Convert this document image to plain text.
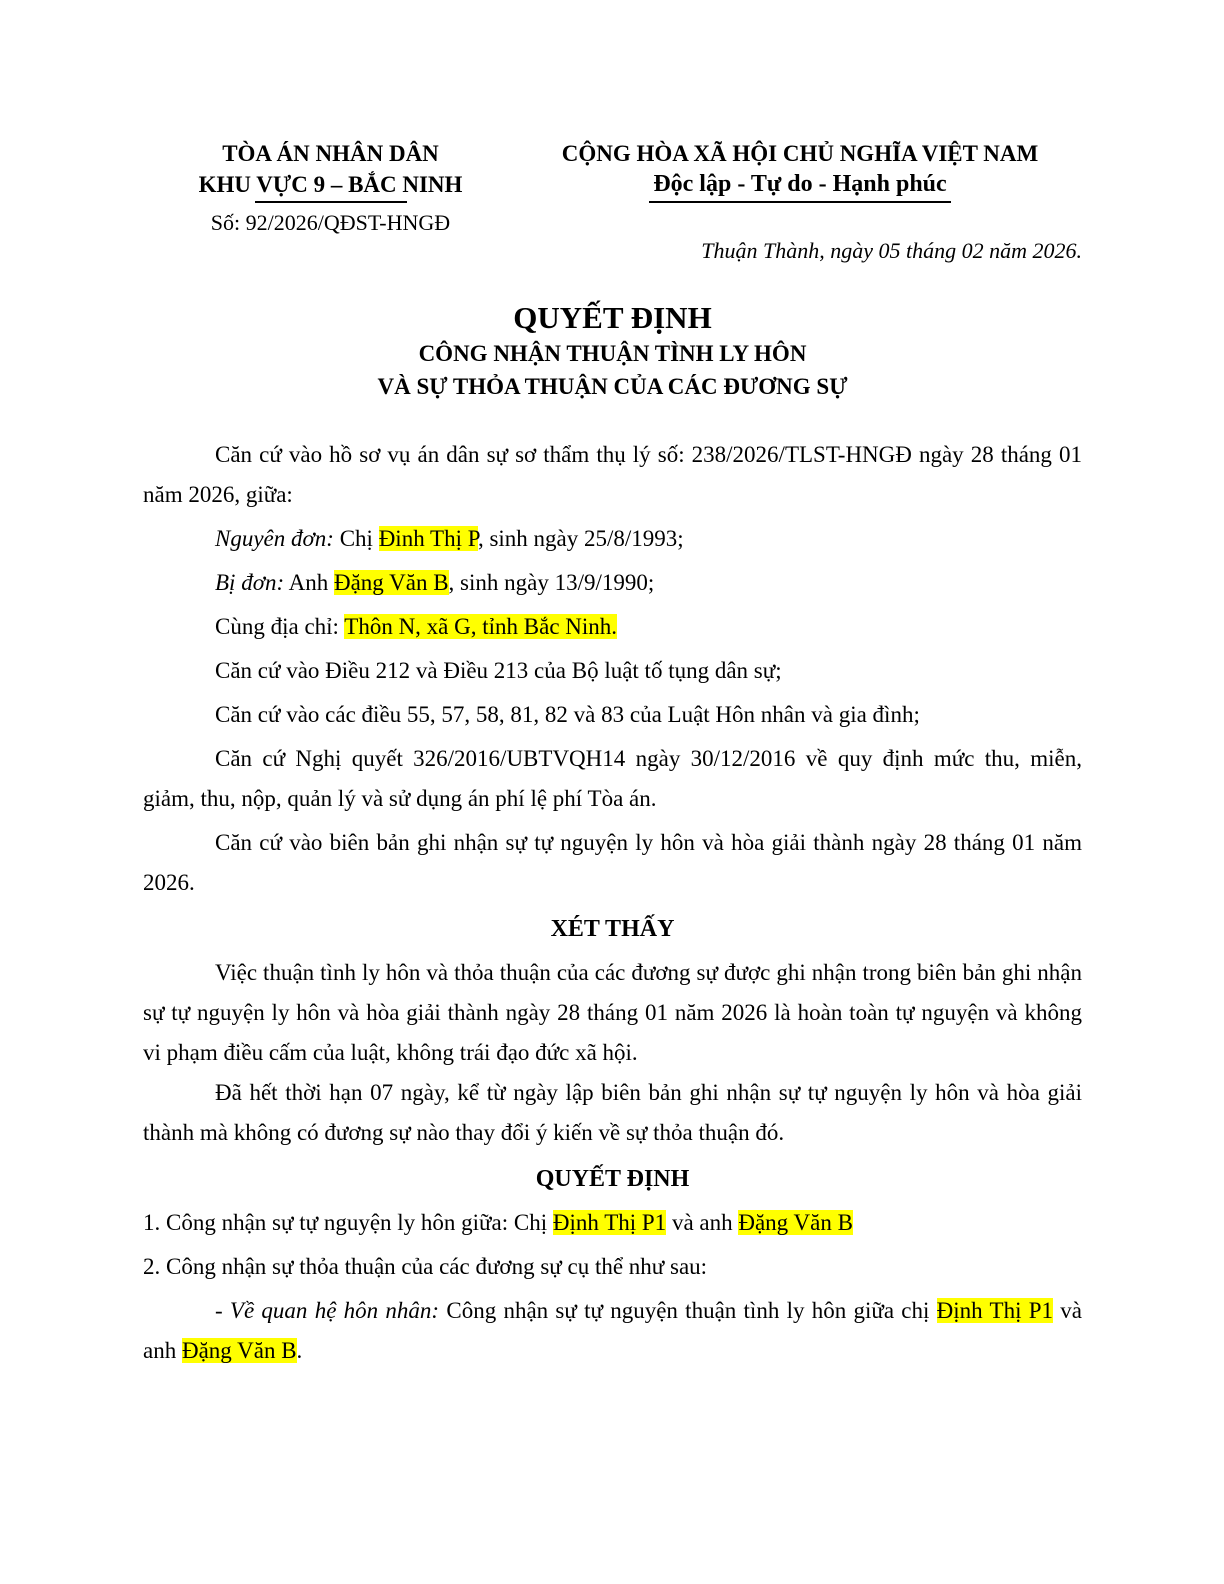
TÒA ÁN NHÂN DÂN
KHU VỰC 9 – BẮC NINH
Số: 92/2026/QĐST-HNGĐ
CỘNG HÒA XÃ HỘI CHỦ NGHĨA VIỆT NAM
Độc lập - Tự do - Hạnh phúc
Thuận Thành, ngày 05 tháng 02 năm 2026.
QUYẾT ĐỊNH
CÔNG NHẬN THUẬN TÌNH LY HÔN
VÀ SỰ THỎA THUẬN CỦA CÁC ĐƯƠNG SỰ

Căn cứ vào hồ sơ vụ án dân sự sơ thẩm thụ lý số: 238/2026/TLST-HNGĐ ngày 28 tháng 01 năm 2026, giữa:

Nguyên đơn: Chị Đinh Thị P, sinh ngày 25/8/1993;

Bị đơn: Anh Đặng Văn B, sinh ngày 13/9/1990;

Cùng địa chỉ: Thôn N, xã G, tỉnh Bắc Ninh.

Căn cứ vào Điều 212 và Điều 213 của Bộ luật tố tụng dân sự;

Căn cứ vào các điều 55, 57, 58, 81, 82 và 83 của Luật Hôn nhân và gia đình;

Căn cứ Nghị quyết 326/2016/UBTVQH14 ngày 30/12/2016 về quy định mức thu, miễn, giảm, thu, nộp, quản lý và sử dụng án phí lệ phí Tòa án.

Căn cứ vào biên bản ghi nhận sự tự nguyện ly hôn và hòa giải thành ngày 28 tháng 01 năm 2026.

XÉT THẤY

Việc thuận tình ly hôn và thỏa thuận của các đương sự được ghi nhận trong biên bản ghi nhận sự tự nguyện ly hôn và hòa giải thành ngày 28 tháng 01 năm 2026 là hoàn toàn tự nguyện và không vi phạm điều cấm của luật, không trái đạo đức xã hội.

Đã hết thời hạn 07 ngày, kể từ ngày lập biên bản ghi nhận sự tự nguyện ly hôn và hòa giải thành mà không có đương sự nào thay đổi ý kiến về sự thỏa thuận đó.

QUYẾT ĐỊNH

1. Công nhận sự tự nguyện ly hôn giữa: Chị Định Thị P1 và anh Đặng Văn B

2. Công nhận sự thỏa thuận của các đương sự cụ thể như sau:

- Về quan hệ hôn nhân: Công nhận sự tự nguyện thuận tình ly hôn giữa chị Định Thị P1 và anh Đặng Văn B.
